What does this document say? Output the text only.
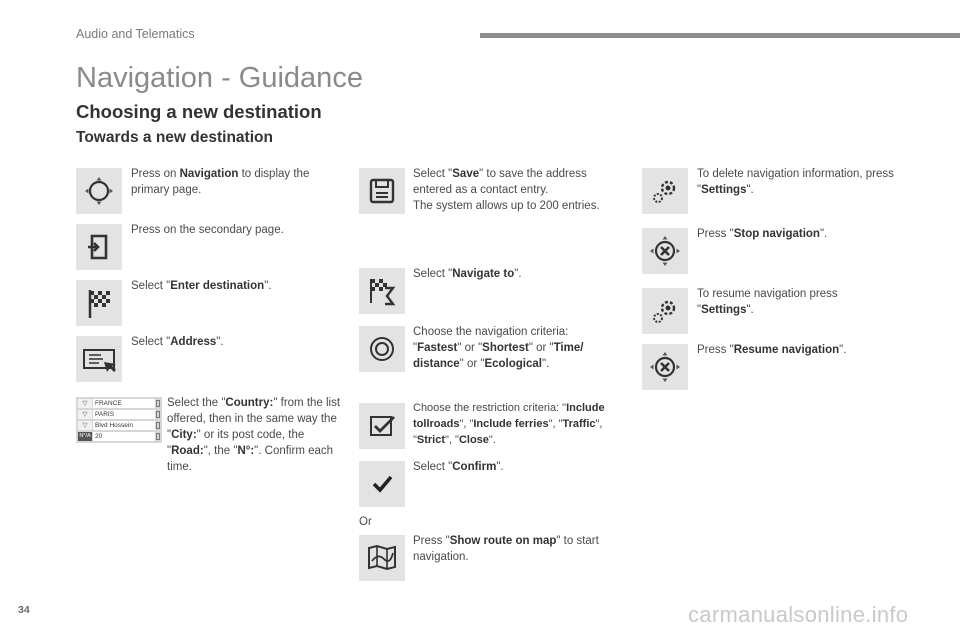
Audio and Telematics
Navigation - Guidance
Choosing a new destination
Towards a new destination
Press on Navigation to display the primary page.
Press on the secondary page.
Select "Enter destination".
Select "Address".
▽	FRANCE
▽	PARIS
▽	Blvd Hossein
N°/A 20
Select the "Country:" from the list offered, then in the same way the "City:" or its post code, the "Road:", the "N°:". Confirm each time.
Select "Save" to save the address entered as a contact entry.
The system allows up to 200 entries.
Select "Navigate to".
Choose the navigation criteria: "Fastest" or "Shortest" or "Time/ distance" or "Ecological".
Choose the restriction criteria: "Include tollroads", "Include ferries", "Traffic", "Strict", "Close".
Select "Confirm".
Or
Press "Show route on map" to start navigation.
To delete navigation information, press "Settings".
Press "Stop navigation".
To resume navigation press "Settings".
Press "Resume navigation".
34	carmanualsonline.info
